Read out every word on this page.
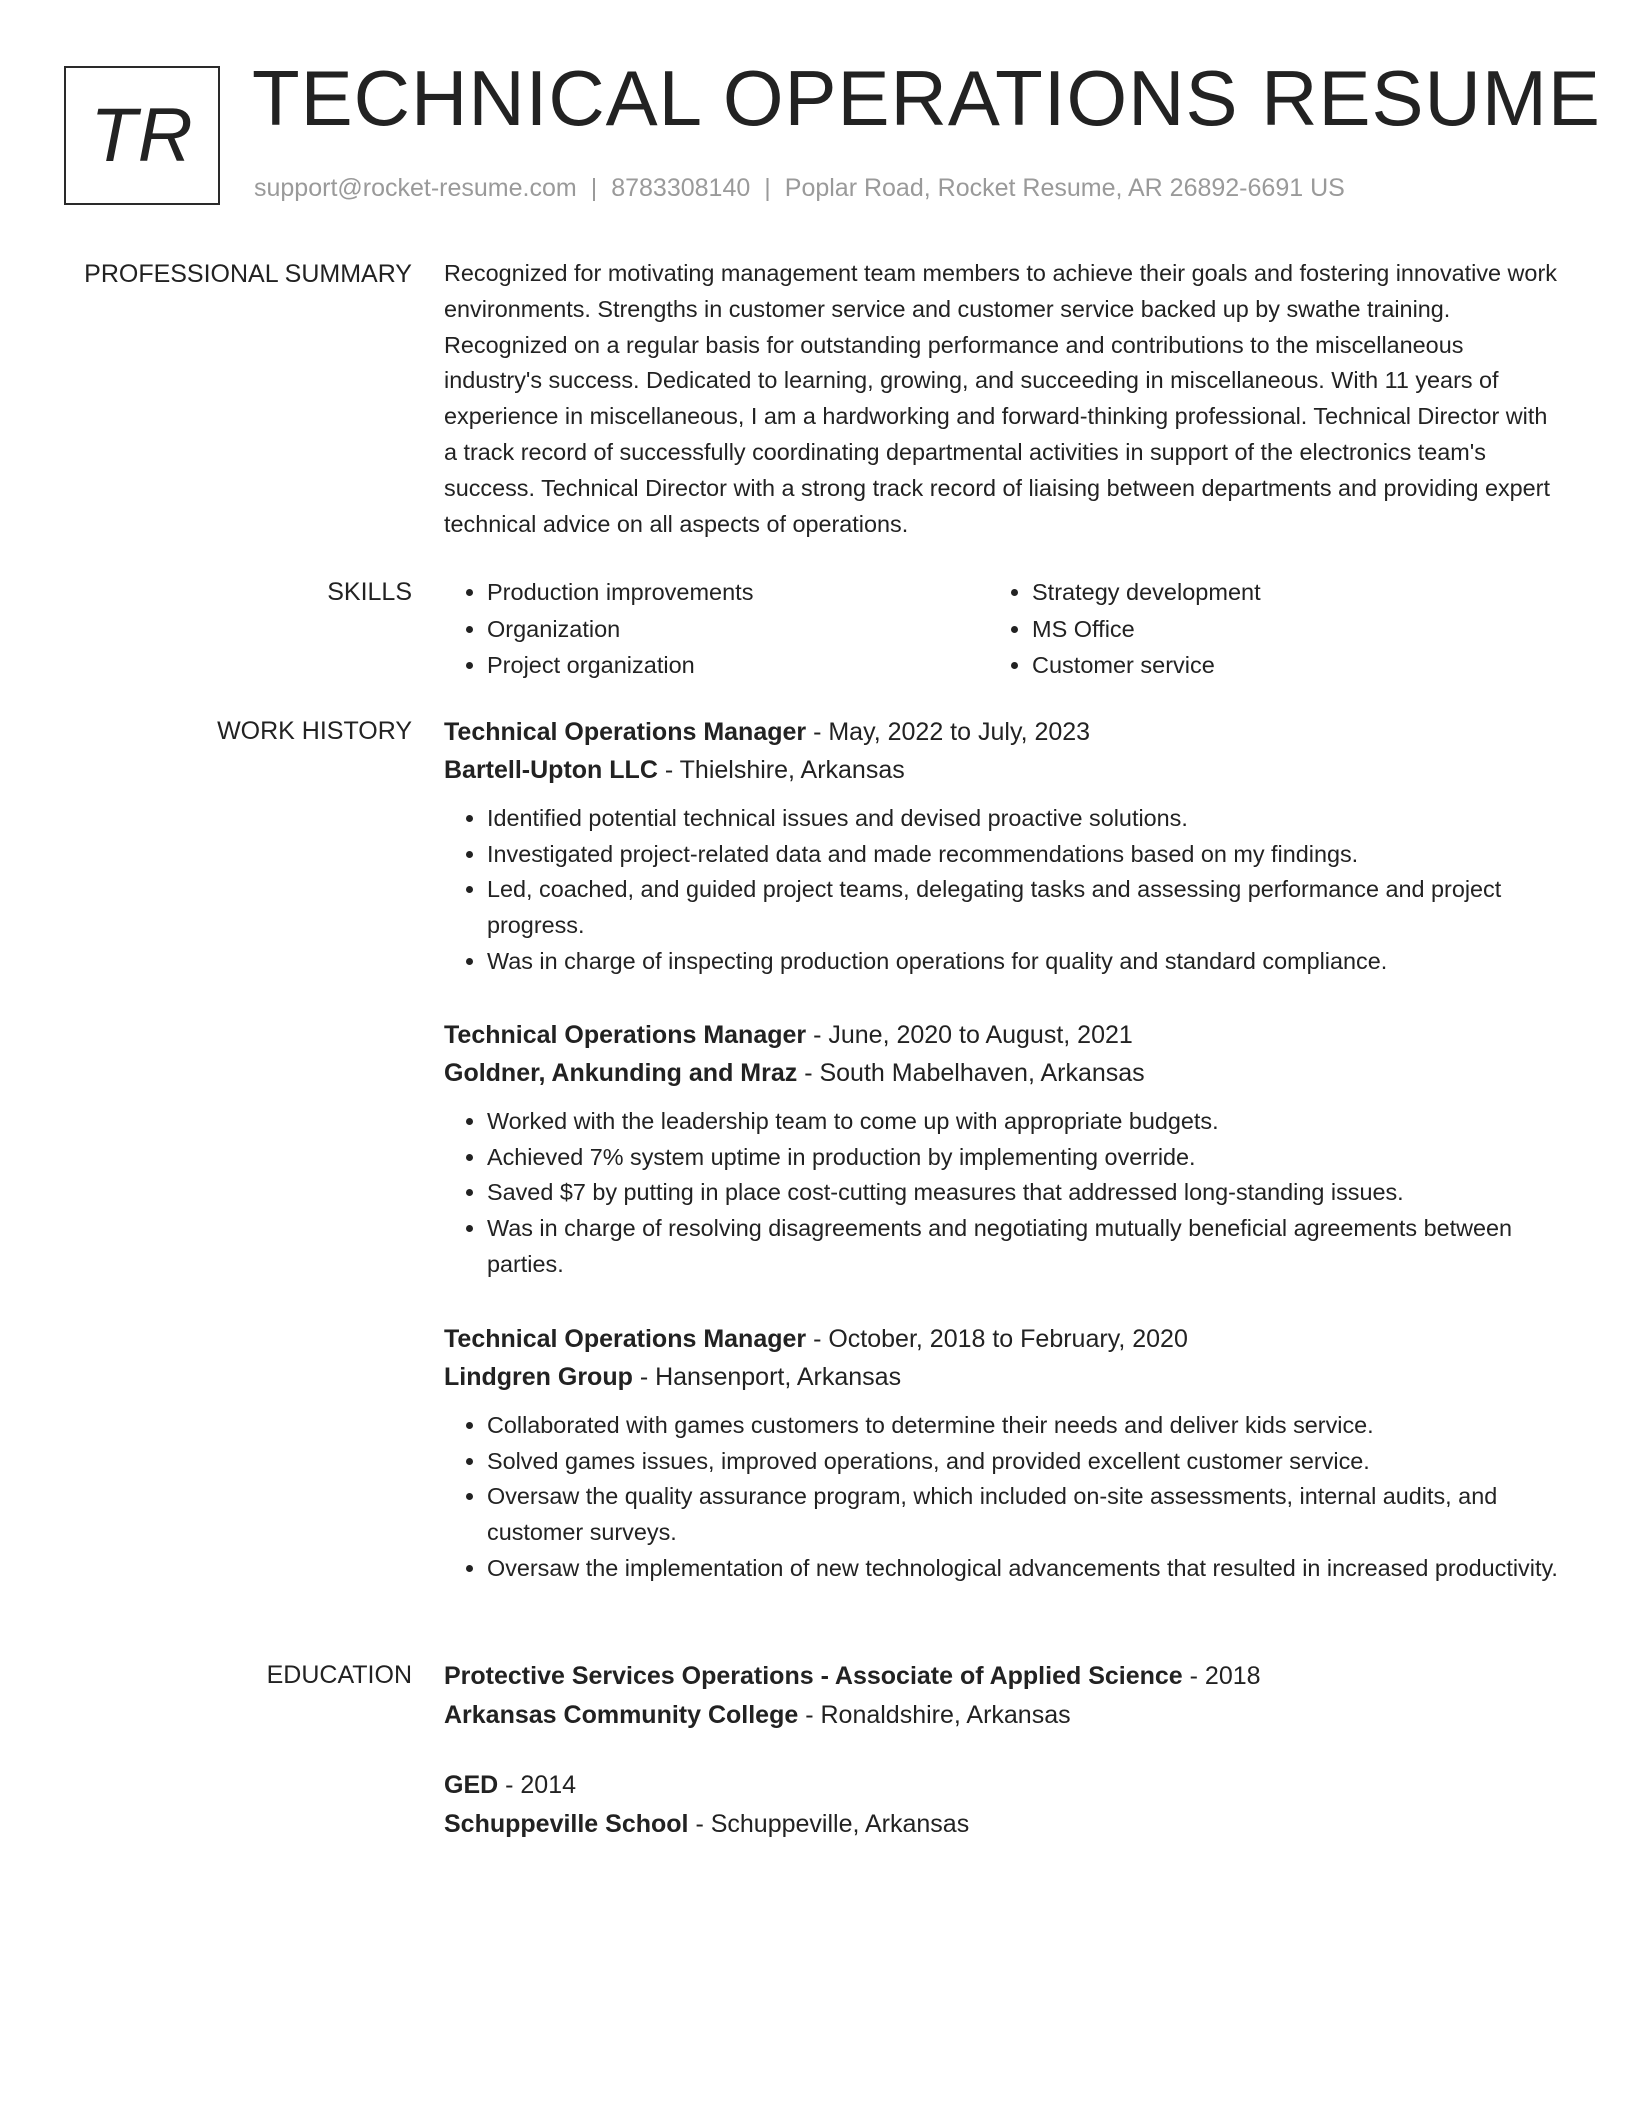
TR TECHNICAL OPERATIONS RESUME
support@rocket-resume.com | 8783308140 | Poplar Road, Rocket Resume, AR 26892-6691 US
PROFESSIONAL SUMMARY Recognized for motivating management team members to achieve their goals and fostering innovative work environments. Strengths in customer service and customer service backed up by swathe training. Recognized on a regular basis for outstanding performance and contributions to the miscellaneous industry's success. Dedicated to learning, growing, and succeeding in miscellaneous. With 11 years of experience in miscellaneous, I am a hardworking and forward-thinking professional. Technical Director with a track record of successfully coordinating departmental activities in support of the electronics team's success. Technical Director with a strong track record of liaising between departments and providing expert technical advice on all aspects of operations.

SKILLS
•	Production improvements
• Organization
• Project organization
• Strategy development
• MS Office
• Customer service
WORK HISTORY Technical Operations Manager - May, 2022 to July, 2023
Bartell-Upton LLC - Thielshire, Arkansas
• Identified potential technical issues and devised proactive solutions.
• Investigated project-related data and made recommendations based on my findings.
• Led, coached, and guided project teams, delegating tasks and assessing performance and project progress.
• Was in charge of inspecting production operations for quality and standard compliance.
Technical Operations Manager - June, 2020 to August, 2021
Goldner, Ankunding and Mraz - South Mabelhaven, Arkansas
• Worked with the leadership team to come up with appropriate budgets.
• Achieved 7% system uptime in production by implementing override.
• Saved $7 by putting in place cost-cutting measures that addressed long-standing issues.
• Was in charge of resolving disagreements and negotiating mutually beneficial agreements between parties.
Technical Operations Manager - October, 2018 to February, 2020
Lindgren Group - Hansenport, Arkansas
• Collaborated with games customers to determine their needs and deliver kids service.
• Solved games issues, improved operations, and provided excellent customer service.
• Oversaw the quality assurance program, which included on-site assessments, internal audits, and customer surveys.
• Oversaw the implementation of new technological advancements that resulted in increased productivity.
EDUCATION Protective Services Operations - Associate of Applied Science - 2018
Arkansas Community College - Ronaldshire, Arkansas
GED - 2014
Schuppeville School - Schuppeville, Arkansas
